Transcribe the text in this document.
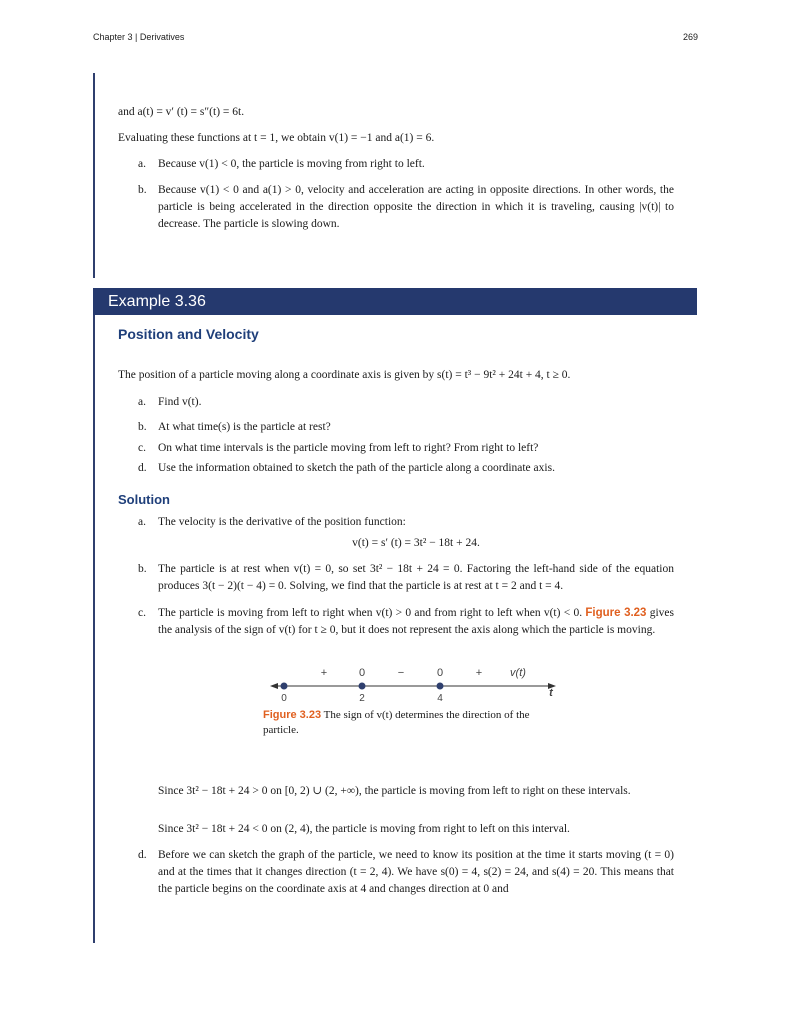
Chapter 3 | Derivatives	269
and a(t) = v′ (t) = s″(t) = 6t.
Evaluating these functions at t = 1, we obtain v(1) = −1 and a(1) = 6.
a.	Because v(1) < 0, the particle is moving from right to left.
b. Because v(1) < 0 and a(1) > 0, velocity and acceleration are acting in opposite directions. In other words, the particle is being accelerated in the direction opposite the direction in which it is traveling, causing |v(t)| to decrease. The particle is slowing down.
Example 3.36
Position and Velocity
The position of a particle moving along a coordinate axis is given by s(t) = t³ − 9t² + 24t + 4, t ≥ 0.
a.	Find v(t).
b. At what time(s) is the particle at rest?
c.	On what time intervals is the particle moving from left to right? From right to left?
d. Use the information obtained to sketch the path of the particle along a coordinate axis.
Solution
a.	The velocity is the derivative of the position function:
v(t) = s′ (t) = 3t² − 18t + 24.
b. The particle is at rest when v(t) = 0, so set 3t² − 18t + 24 = 0. Factoring the left-hand side of the equation produces 3(t − 2)(t − 4) = 0. Solving, we find that the particle is at rest at t = 2 and t = 4.
c.	The particle is moving from left to right when v(t) > 0 and from right to left when v(t) < 0. Figure 3.23 gives the analysis of the sign of v(t) for t ≥ 0, but it does not represent the axis along which the particle is moving.
+	0	−	0	+	v(t)
0	2	4	t
Figure 3.23 The sign of v(t) determines the direction of the particle.
Since 3t² − 18t + 24 > 0 on [0, 2) ∪ (2, +∞), the particle is moving from left to right on these intervals.
Since 3t² − 18t + 24 < 0 on (2, 4), the particle is moving from right to left on this interval.
d. Before we can sketch the graph of the particle, we need to know its position at the time it starts moving (t = 0) and at the times that it changes direction (t = 2, 4). We have s(0) = 4, s(2) = 24, and s(4) = 20. This means that the particle begins on the coordinate axis at 4 and changes direction at 0 and
